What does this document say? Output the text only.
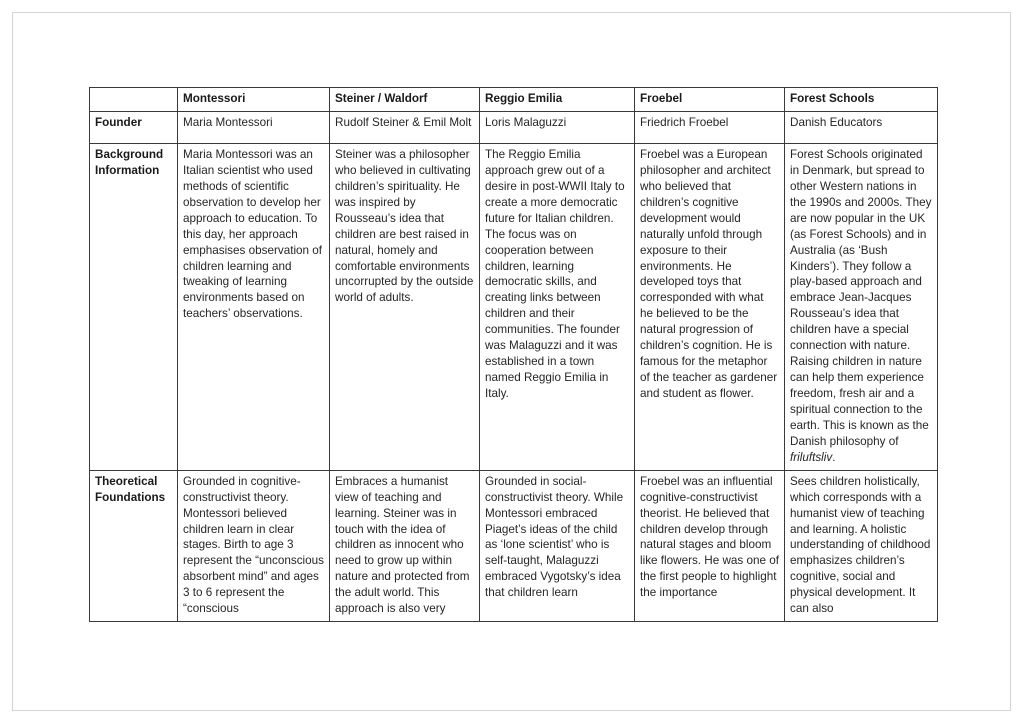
	Montessori	Steiner / Waldorf	Reggio Emilia	Froebel	Forest Schools
Founder	Maria Montessori	Rudolf Steiner & Emil Molt	Loris Malaguzzi	Friedrich Froebel	Danish Educators
Background Information	Maria Montessori was an Italian scientist who used methods of scientific observation to develop her approach to education. To this day, her approach emphasises observation of children learning and tweaking of learning environments based on teachers’ observations.	Steiner was a philosopher who believed in cultivating children’s spirituality. He was inspired by Rousseau’s idea that children are best raised in natural, homely and comfortable environments uncorrupted by the outside world of adults.	The Reggio Emilia approach grew out of a desire in post-WWII Italy to create a more democratic future for Italian children. The focus was on cooperation between children, learning democratic skills, and creating links between children and their communities. The founder was Malaguzzi and it was established in a town named Reggio Emilia in Italy.	Froebel was a European philosopher and architect who believed that children’s cognitive development would naturally unfold through exposure to their environments. He developed toys that corresponded with what he believed to be the natural progression of children’s cognition. He is famous for the metaphor of the teacher as gardener and student as flower.	Forest Schools originated in Denmark, but spread to other Western nations in the 1990s and 2000s. They are now popular in the UK (as Forest Schools) and in Australia (as ‘Bush Kinders’). They follow a play-based approach and embrace Jean-Jacques Rousseau’s idea that children have a special connection with nature. Raising children in nature can help them experience freedom, fresh air and a spiritual connection to the earth. This is known as the Danish philosophy of friluftsliv.
Theoretical Foundations	Grounded in cognitive-constructivist theory. Montessori believed children learn in clear stages. Birth to age 3 represent the “unconscious absorbent mind” and ages 3 to 6 represent the “conscious	Embraces a humanist view of teaching and learning. Steiner was in touch with the idea of children as innocent who need to grow up within nature and protected from the adult world. This approach is also very	Grounded in social-constructivist theory. While Montessori embraced Piaget’s ideas of the child as ‘lone scientist’ who is self-taught, Malaguzzi embraced Vygotsky’s idea that children learn	Froebel was an influential cognitive-constructivist theorist. He believed that children develop through natural stages and bloom like flowers. He was one of the first people to highlight the importance	Sees children holistically, which corresponds with a humanist view of teaching and learning. A holistic understanding of childhood emphasizes children’s cognitive, social and physical development. It can also
